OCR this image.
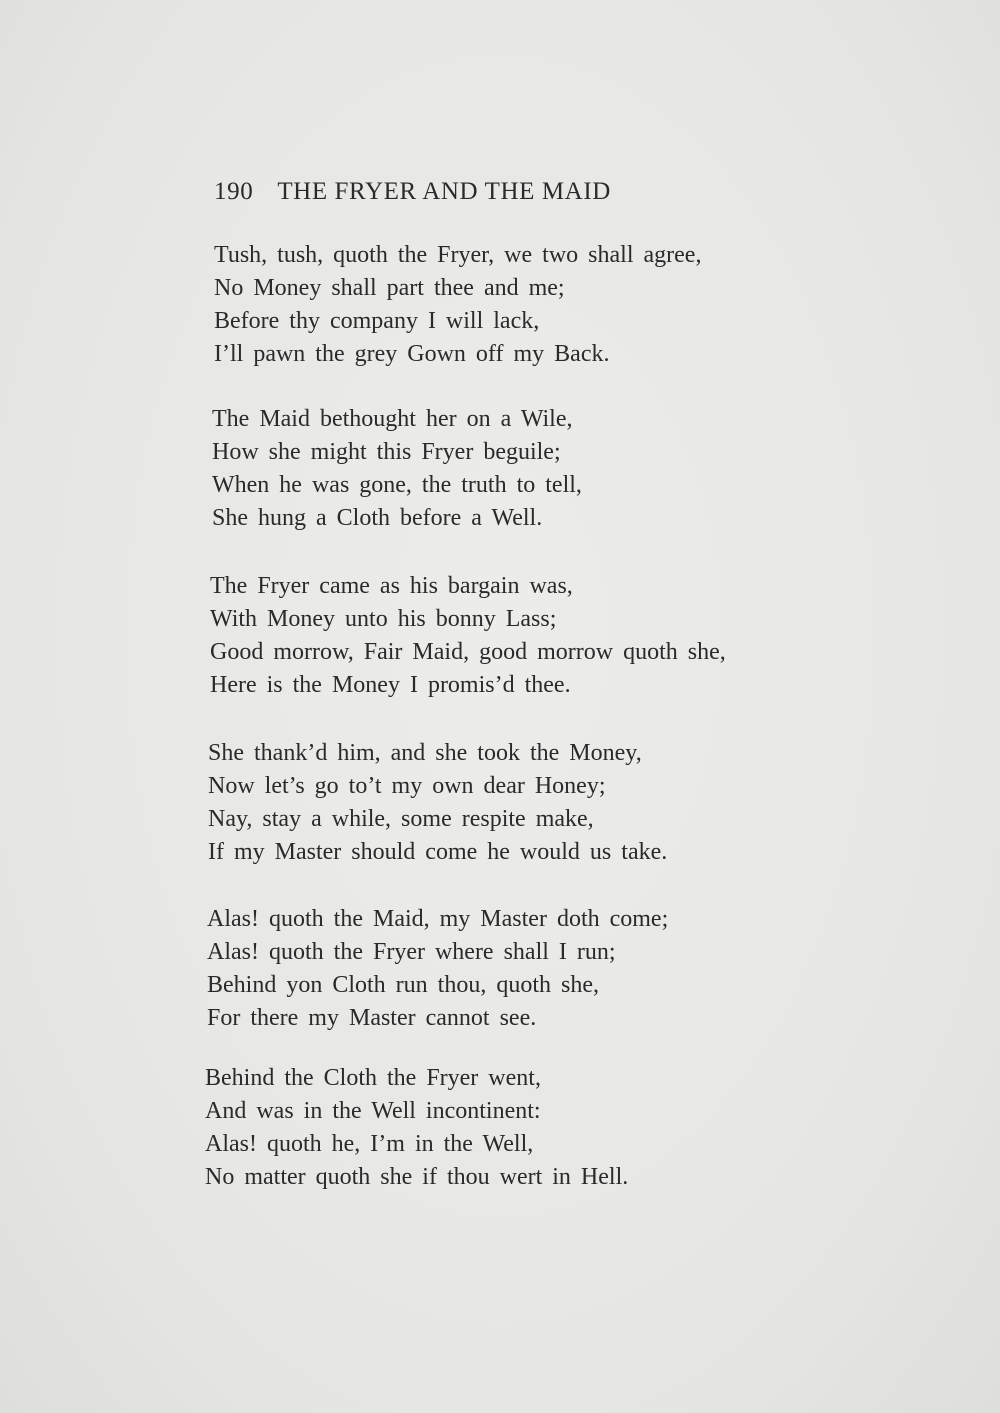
190 THE FRYER AND THE MAID
Tush, tush, quoth the Fryer, we two shall agree,
No Money shall part thee and me;
Before thy company I will lack,
I’ll pawn the grey Gown off my Back.
The Maid bethought her on a Wile,
How she might this Fryer beguile;
When he was gone, the truth to tell,
She hung a Cloth before a Well.
The Fryer came as his bargain was,
With Money unto his bonny Lass;
Good morrow, Fair Maid, good morrow quoth she,
Here is the Money I promis’d thee.
She thank’d him, and she took the Money,
Now let’s go to’t my own dear Honey;
Nay, stay a while, some respite make,
If my Master should come he would us take.
Alas! quoth the Maid, my Master doth come;
Alas! quoth the Fryer where shall I run;
Behind yon Cloth run thou, quoth she,
For there my Master cannot see.
Behind the Cloth the Fryer went,
And was in the Well incontinent:
Alas! quoth he, I’m in the Well,
No matter quoth she if thou wert in Hell.
